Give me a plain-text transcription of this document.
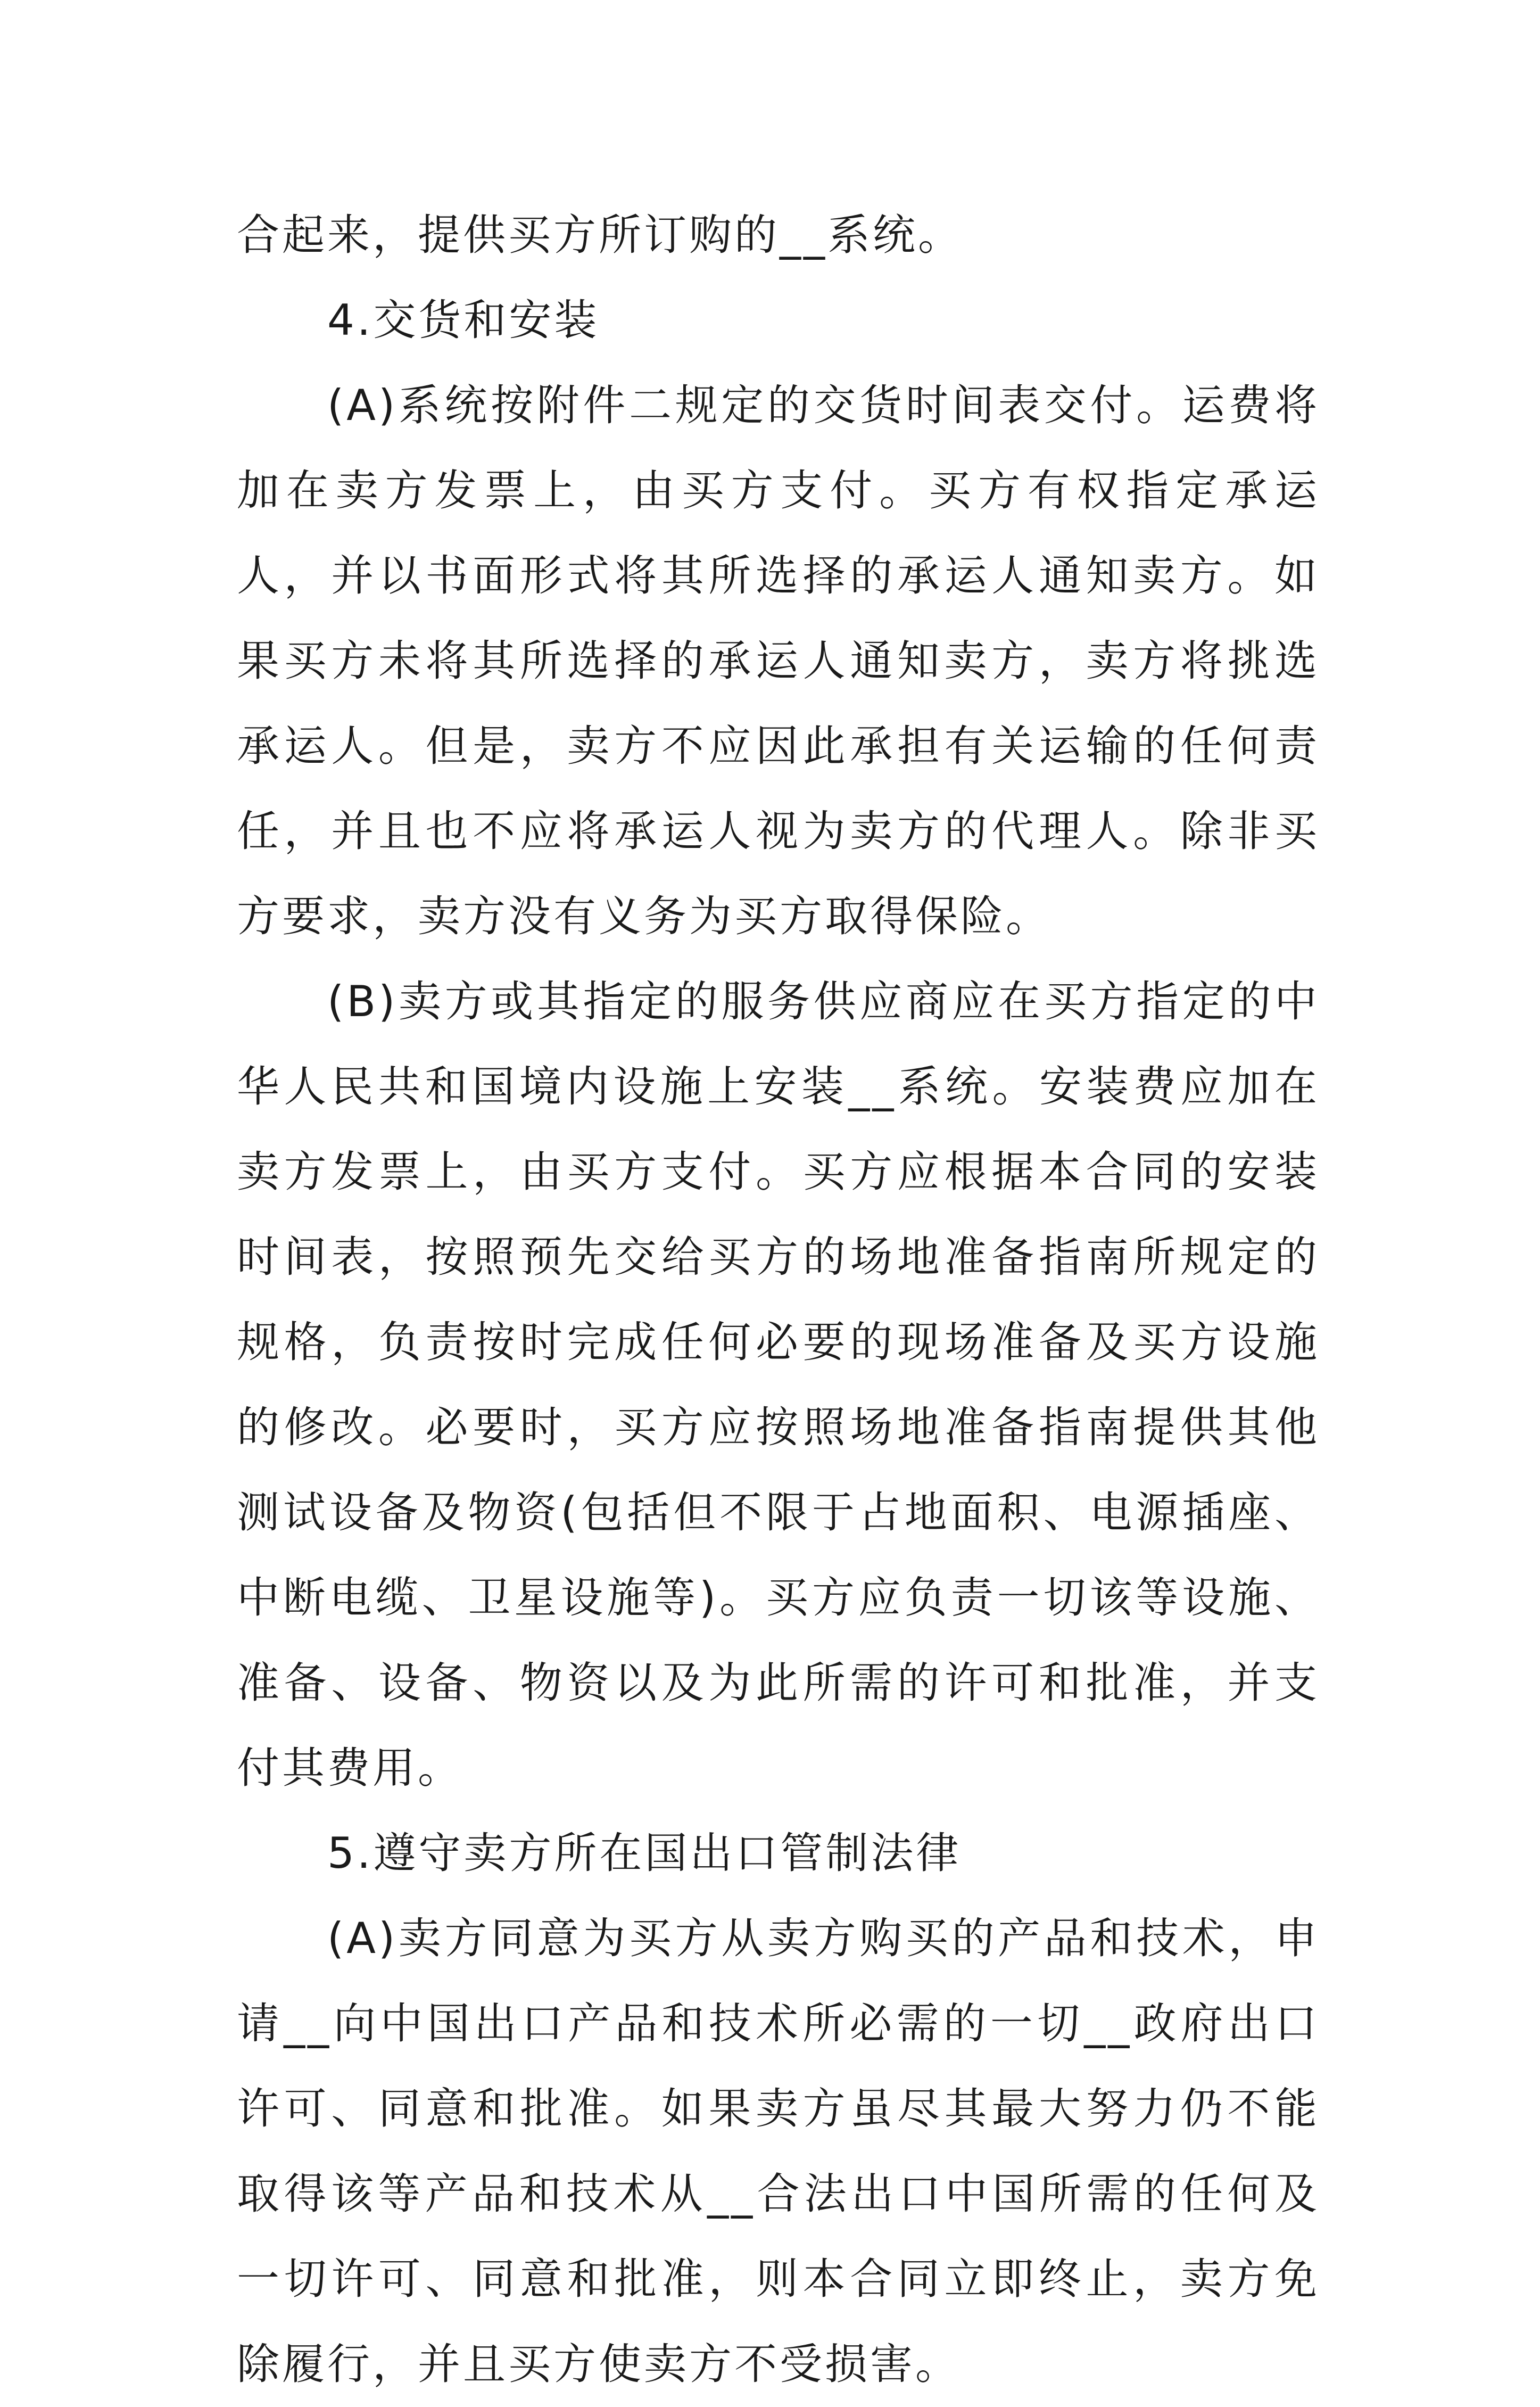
合起来，提供买方所订购的__系统。

4.交货和安装

(A)系统按附件二规定的交货时间表交付。运费将加在卖方发票上，由买方支付。买方有权指定承运人，并以书面形式将其所选择的承运人通知卖方。如果买方未将其所选择的承运人通知卖方，卖方将挑选承运人。但是，卖方不应因此承担有关运输的任何责任，并且也不应将承运人视为卖方的代理人。除非买方要求，卖方没有义务为买方取得保险。

(B)卖方或其指定的服务供应商应在买方指定的中华人民共和国境内设施上安装__系统。安装费应加在卖方发票上，由买方支付。买方应根据本合同的安装时间表，按照预先交给买方的场地准备指南所规定的规格，负责按时完成任何必要的现场准备及买方设施的修改。必要时，买方应按照场地准备指南提供其他测试设备及物资(包括但不限于占地面积、电源插座、中断电缆、卫星设施等)。买方应负责一切该等设施、准备、设备、物资以及为此所需的许可和批准，并支付其费用。

5.遵守卖方所在国出口管制法律

(A)卖方同意为买方从卖方购买的产品和技术，申请__向中国出口产品和技术所必需的一切__政府出口许可、同意和批准。如果卖方虽尽其最大努力仍不能取得该等产品和技术从__合法出口中国所需的任何及一切许可、同意和批准，则本合同立即终止，卖方免除履行，并且买方使卖方不受损害。
